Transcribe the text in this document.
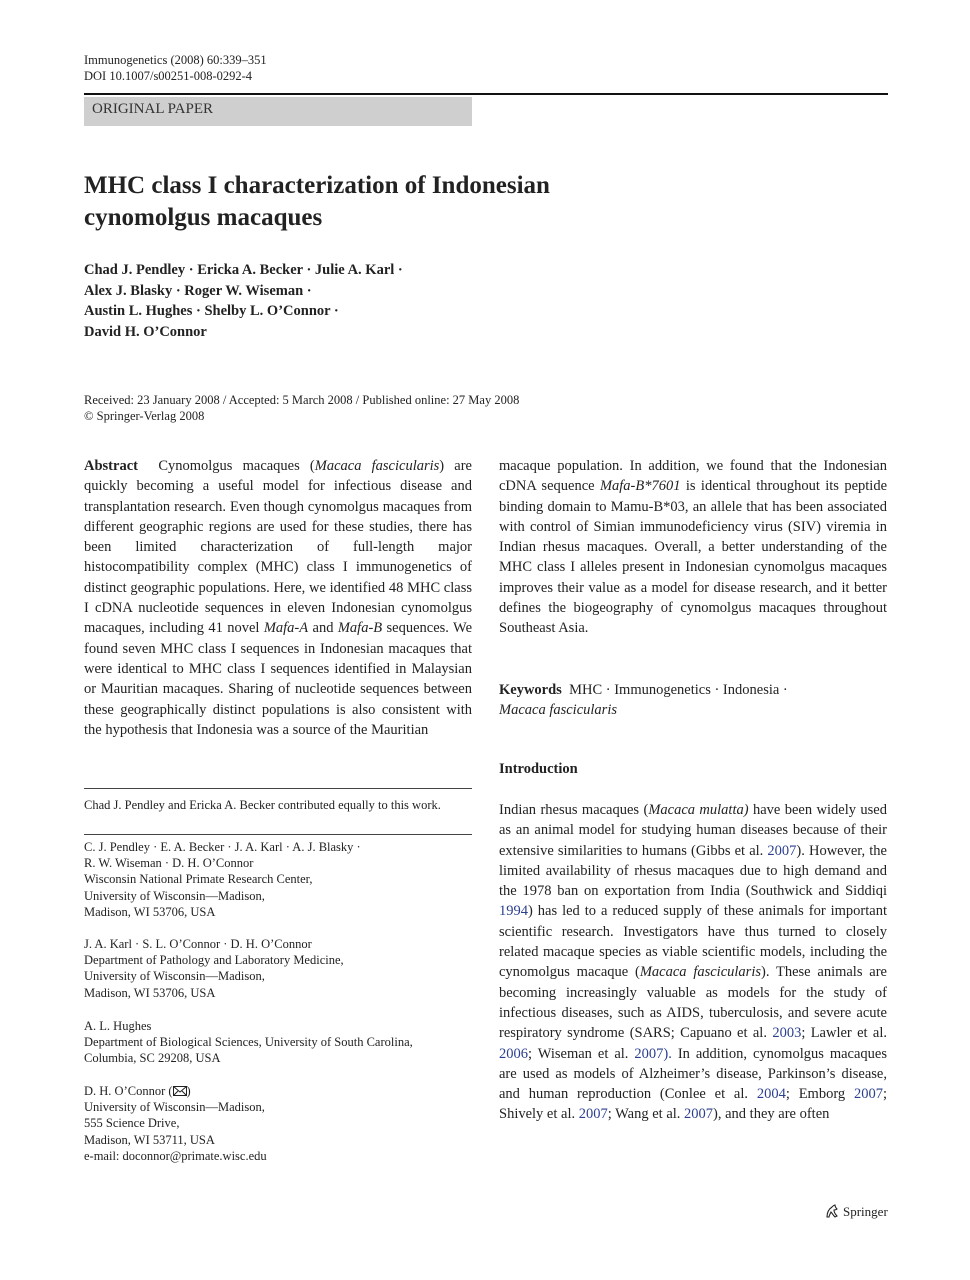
Immunogenetics (2008) 60:339–351
DOI 10.1007/s00251-008-0292-4
ORIGINAL PAPER
MHC class I characterization of Indonesian
cynomolgus macaques
Chad J. Pendley · Ericka A. Becker · Julie A. Karl ·
Alex J. Blasky · Roger W. Wiseman ·
Austin L. Hughes · Shelby L. O’Connor ·
David H. O’Connor
Received: 23 January 2008 / Accepted: 5 March 2008 / Published online: 27 May 2008
© Springer-Verlag 2008
Abstract Cynomolgus macaques (Macaca fascicularis) are quickly becoming a useful model for infectious disease and transplantation research. Even though cynomolgus macaques from different geographic regions are used for these studies, there has been limited characterization of full-length major histocompatibility complex (MHC) class I immunogenetics of distinct geographic populations. Here, we identified 48 MHC class I cDNA nucleotide sequences in eleven Indonesian cynomolgus macaques, including 41 novel Mafa-A and Mafa-B sequences. We found seven MHC class I sequences in Indonesian macaques that were identical to MHC class I sequences identified in Malaysian or Mauritian macaques. Sharing of nucleotide sequences between these geographically distinct populations is also consistent with the hypothesis that Indonesia was a source of the Mauritian
macaque population. In addition, we found that the Indonesian cDNA sequence Mafa-B*7601 is identical throughout its peptide binding domain to Mamu-B*03, an allele that has been associated with control of Simian immunodeficiency virus (SIV) viremia in Indian rhesus macaques. Overall, a better understanding of the MHC class I alleles present in Indonesian cynomolgus macaques improves their value as a model for disease research, and it better defines the biogeography of cynomolgus macaques throughout Southeast Asia.
Keywords MHC · Immunogenetics · Indonesia ·
Macaca fascicularis
Introduction
Indian rhesus macaques (Macaca mulatta) have been widely used as an animal model for studying human diseases because of their extensive similarities to humans (Gibbs et al. 2007). However, the limited availability of rhesus macaques due to high demand and the 1978 ban on exportation from India (Southwick and Siddiqi 1994) has led to a reduced supply of these animals for important scientific research. Investigators have thus turned to closely related macaque species as viable scientific models, including the cynomolgus macaque (Macaca fascicularis). These animals are becoming increasingly valuable as models for the study of infectious diseases, such as AIDS, tuberculosis, and severe acute respiratory syndrome (SARS; Capuano et al. 2003; Lawler et al. 2006; Wiseman et al. 2007). In addition, cynomolgus macaques are used as models of Alzheimer’s disease, Parkinson’s disease, and human reproduction (Conlee et al. 2004; Emborg 2007; Shively et al. 2007; Wang et al. 2007), and they are often
Chad J. Pendley and Ericka A. Becker contributed equally to this work.
C. J. Pendley · E. A. Becker · J. A. Karl · A. J. Blasky ·
R. W. Wiseman · D. H. O’Connor
Wisconsin National Primate Research Center,
University of Wisconsin—Madison,
Madison, WI 53706, USA
J. A. Karl · S. L. O’Connor · D. H. O’Connor
Department of Pathology and Laboratory Medicine,
University of Wisconsin—Madison,
Madison, WI 53706, USA
A. L. Hughes
Department of Biological Sciences, University of South Carolina,
Columbia, SC 29208, USA
D. H. O’Connor ( )
University of Wisconsin—Madison,
555 Science Drive,
Madison, WI 53711, USA
e-mail: doconnor@primate.wisc.edu
Springer
